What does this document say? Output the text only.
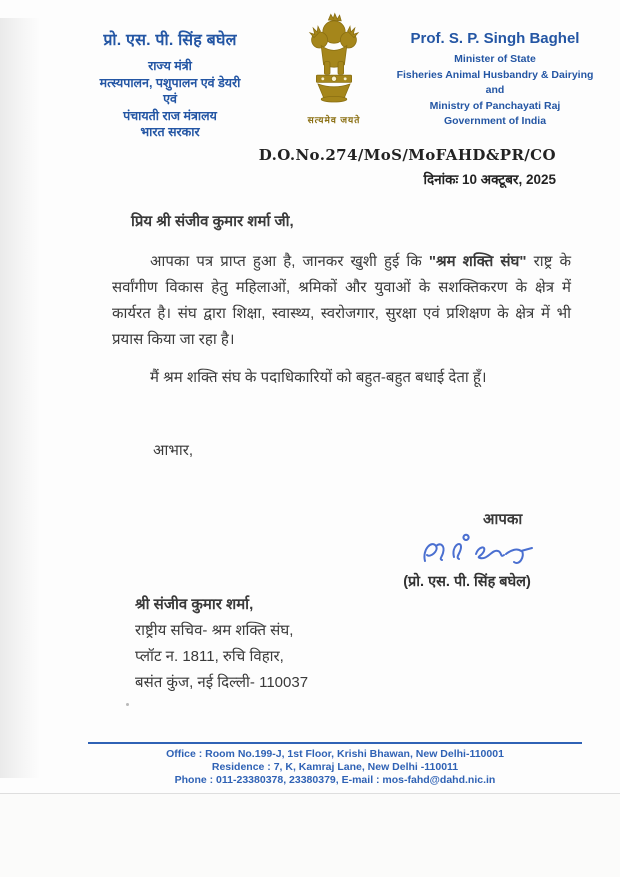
प्रो. एस. पी. सिंह बघेल
राज्य मंत्री
मत्स्यपालन, पशुपालन एवं डेयरी
एवं
पंचायती राज मंत्रालय
भारत सरकार
सत्यमेव जयते
Prof. S. P. Singh Baghel
Minister of State
Fisheries Animal Husbandry & Dairying
and
Ministry of Panchayati Raj
Government of India
D.O.No.274/MoS/MoFAHD&PR/CO
दिनांकः 10 अक्टूबर, 2025
प्रिय श्री संजीव कुमार शर्मा जी,

आपका पत्र प्राप्त हुआ है, जानकर खुशी हुई कि "श्रम शक्ति संघ" राष्ट्र के सर्वांगीण विकास हेतु महिलाओं, श्रमिकों और युवाओं के सशक्तिकरण के क्षेत्र में कार्यरत है। संघ द्वारा शिक्षा, स्वास्थ्य, स्वरोजगार, सुरक्षा एवं प्रशिक्षण के क्षेत्र में भी प्रयास किया जा रहा है।

मैं श्रम शक्ति संघ के पदाधिकारियों को बहुत-बहुत बधाई देता हूँ।

आभार,
आपका
(प्रो. एस. पी. सिंह बघेल)
श्री संजीव कुमार शर्मा,
राष्ट्रीय सचिव- श्रम शक्ति संघ,
प्लॉट न. 1811, रुचि विहार,
बसंत कुंज, नई दिल्ली- 110037
Office : Room No.199-J, 1st Floor, Krishi Bhawan, New Delhi-110001
Residence : 7, K, Kamraj Lane, New Delhi -110011
Phone : 011-23380378, 23380379, E-mail : mos-fahd@dahd.nic.in
